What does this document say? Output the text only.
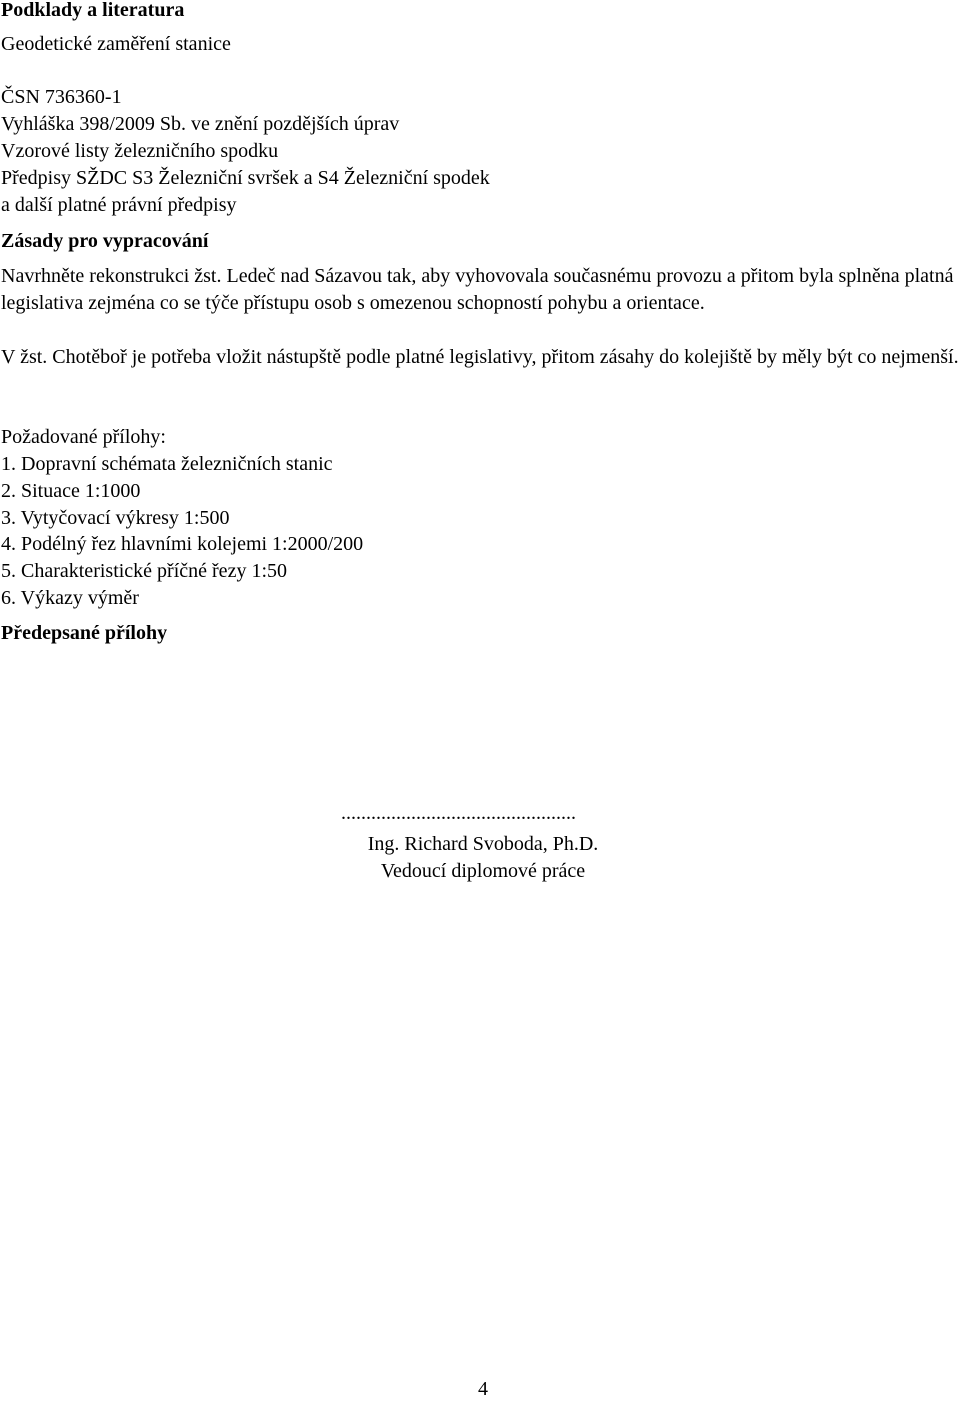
Podklady a literatura
Geodetické zaměření stanice
ČSN 736360-1
Vyhláška 398/2009 Sb. ve znění pozdějších úprav
Vzorové listy železničního spodku
Předpisy SŽDC S3 Železniční svršek a S4 Železniční spodek
a další platné právní předpisy
Zásady pro vypracování
Navrhněte rekonstrukci žst. Ledeč nad Sázavou tak, aby vyhovovala současnému provozu a přitom byla splněna platná legislativa zejména co se týče přístupu osob s omezenou schopností pohybu a orientace.
V žst. Chotěboř je potřeba vložit nástupště podle platné legislativy, přitom zásahy do kolejiště by měly být co nejmenší.
Požadované přílohy:
1. Dopravní schémata železničních stanic
2. Situace 1:1000
3. Vytyčovací výkresy 1:500
4. Podélný řez hlavními kolejemi 1:2000/200
5. Charakteristické příčné řezy 1:50
6. Výkazy výměr
Předepsané přílohy
...............................................
Ing. Richard Svoboda, Ph.D.
Vedoucí diplomové práce
4
